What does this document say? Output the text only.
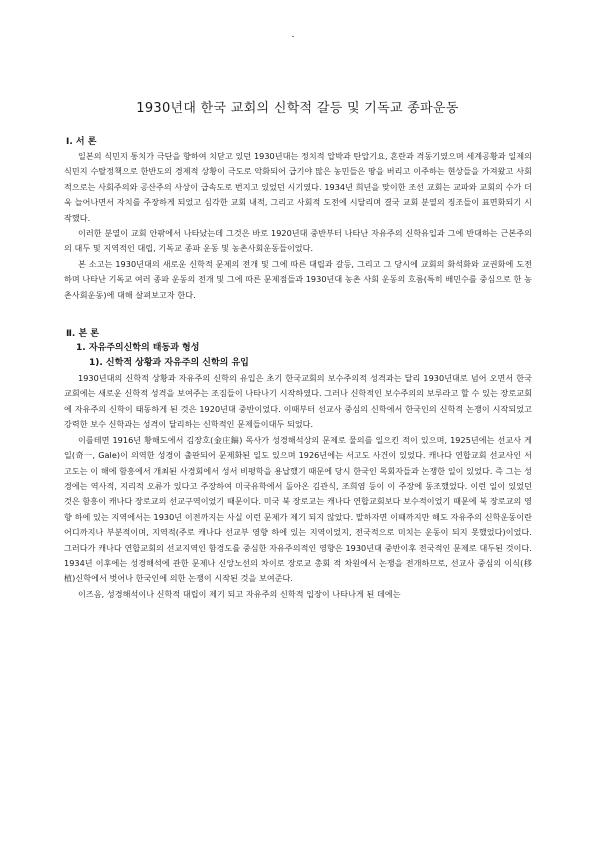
1930년대 한국 교회의 신학적 갈등 및 기독교 종파운동
Ⅰ. 서 론

일본의 식민지 통치가 극단을 향하여 치닫고 있던 1930년대는 정치적 압박과 탄압기요, 혼란과 격동기였으며 세계공황과 일제의 식민지 수탈정책으로 한반도의 경제적 상황이 극도로 악화되어 급기야 많은 농민들은 땅을 버리고 이주하는 현상들을 가져왔고 사회적으로는 사회주의와 공산주의 사상이 급속도로 번지고 있었던 시기였다. 1934년 희년을 맞이한 조선 교회는 교파와 교회의 수가 더욱 늘어나면서 자치를 주장하게 되었고 심각한 교회 내적, 그리고 사회적 도전에 시달리며 결국 교회 분열의 징조들이 표면화되기 시작했다.

이러한 분열이 교회 안팎에서 나타났는데 그것은 바로 1920년대 중반부터 나타난 자유주의 신학유입과 그에 반대하는 근본주의의 대두 및 지역적인 대립, 기독교 종파 운동 및 농촌사회운동들이었다.

본 소고는 1930년대의 새로운 신학적 문제의 전개 및 그에 따른 대립과 갈등, 그리고 그 당시에 교회의 화석화와 교권화에 도전하며 나타난 기독교 여러 종파 운동의 전개 및 그에 따른 문제점들과 1930년대 농촌 사회 운동의 흐름(특히 배민수를 중심으로 한 농촌사회운동)에 대해 살펴보고자 한다.

Ⅱ. 본 론
1. 자유주의신학의 태동과 형성
1). 신학적 상황과 자유주의 신학의 유입

1930년대의 신학적 상황과 자유주의 신학의 유입은 초기 한국교회의 보수주의적 성격과는 달리 1930년대로 넘어 오면서 한국교회에는 새로운 신학적 성격을 보여주는 조짐들이 나타나기 시작하였다. 그러나 신학적인 보수주의의 보루라고 할 수 있는 장로교회에 자유주의 신학이 태동하게 된 것은 1920년대 중반이었다. 이때부터 선교사 중심의 신학에서 한국인의 신학적 논쟁이 시작되었고 강력한 보수 신학과는 성격이 달리하는 신학적인 문제들이대두 되었다.

이를테면 1916년 황해도에서 김장호(金庄鎬) 목사가 성경해석상의 문제로 물의를 일으킨 적이 있으며, 1925년에는 선교사 게일(奇一, Gale)이 의역한 성경이 출판되어 문제화된 일도 있으며 1926년에는 서고도 사건이 있었다. 캐나다 연합교회 선교사인 서고도는 이 해에 함흥에서 개최된 사경회에서 성서 비평학을 용납했기 때문에 당시 한국인 목회자들과 논쟁한 일이 있었다. 즉 그는 성경에는 역사적, 지리적 오류가 있다고 주장하여 미국유학에서 돌아온 김관식, 조희염 등이 이 주장에 동조했었다. 이런 일이 있었던 것은 함흥이 캐나다 장로교의 선교구역이었기 때문이다. 미국 북 장로교는 캐나다 연합교회보다 보수적이었기 때문에 북 장로교의 영향 하에 있는 지역에서는 1930년 이전까지는 사실 이런 문제가 제기 되지 않았다. 말하자면 이때까지만 해도 자유주의 신학운동이란 어디까지나 부분적이며, 지역적(주로 캐나다 선교부 영향 하에 있는 지역이었지, 전국적으로 미치는 운동이 되지 못했었다)이었다. 그러다가 캐나다 연합교회의 선교지역인 함경도를 중심한 자유주의적인 영향은 1930년대 중반이후 전국적인 문제로 대두된 것이다. 1934년 이후에는 성경해석에 관한 문제나 신앙노선의 차이로 장로교 총회 적 차원에서 논쟁을 전개하므로, 선교사 중심의 이식(移植)신학에서 벗어나 한국인에 의한 논쟁이 시작된 것을 보여준다.

이즈음, 성경해석이나 신학적 대립이 제기 되고 자유주의 신학적 입장이 나타나게 된 데에는
